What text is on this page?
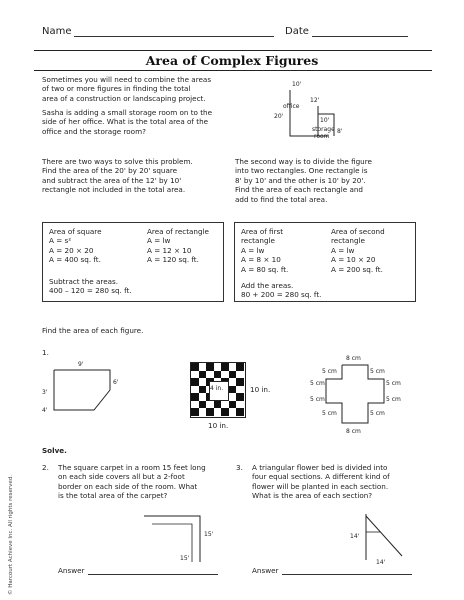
Name	Date
Area of Complex Figures
Sometimes you will need to combine the areas
of two or more figures in finding the total
area of a construction or landscaping project.
Sasha is adding a small storage room on to the
side of her office. What is the total area of the
office and the storage room?
10'
20'
12'
office
10'
storage
room
8'
There are two ways to solve this problem.
Find the area of the 20' by 20' square
and subtract the area of the 12' by 10'
rectangle not included in the total area.
The second way is to divide the figure
into two rectangles. One rectangle is
8' by 10' and the other is 10' by 20'.
Find the area of each rectangle and
add to find the total area.
Area of square
A = s²
A = 20 × 20
A = 400 sq. ft.
Area of rectangle
A = lw
A = 12 × 10
A = 120 sq. ft.
Subtract the areas.
400 – 120 = 280 sq. ft.
Area of first
rectangle
A = lw
A = 8 × 10
A = 80 sq. ft.
Area of second
rectangle
A = lw
A = 10 × 20
A = 200 sq. ft.
Add the areas.
80 + 200 = 280 sq. ft.
Find the area of each figure.
1.
9'
6'
3'
4'
10 in.
4 in.
10 in.
8 cm
5 cm
5 cm
5 cm
5 cm
5 cm
5 cm
5 cm
5 cm
8 cm
Solve.
2. The square carpet in a room 15 feet long
on each side covers all but a 2-foot
border on each side of the room. What
is the total area of the carpet?
15'
15'
3. A triangular flower bed is divided into
four equal sections. A different kind of
flower will be planted in each section.
What is the area of each section?
14'
14'
Answer	Answer
© Harcourt Achieve Inc. All rights reserved.
